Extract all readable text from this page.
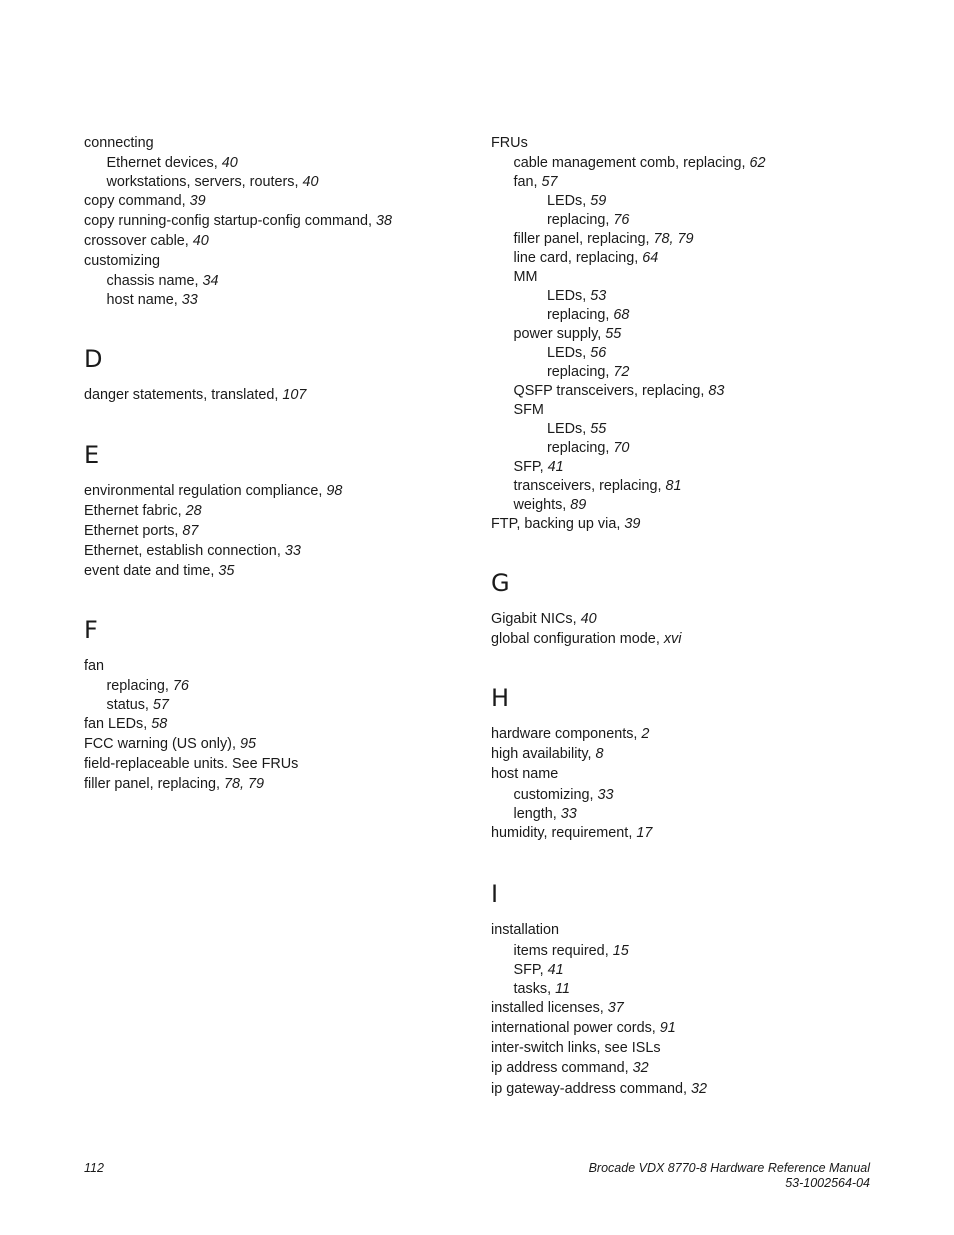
connecting
Ethernet devices, 40
workstations, servers, routers, 40
copy command, 39
copy running-config startup-config command, 38
crossover cable, 40
customizing
chassis name, 34
host name, 33
D
danger statements, translated, 107
E
environmental regulation compliance, 98
Ethernet fabric, 28
Ethernet ports, 87
Ethernet, establish connection, 33
event date and time, 35
F
fan
replacing, 76
status, 57
fan LEDs, 58
FCC warning (US only), 95
field-replaceable units. See FRUs
filler panel, replacing, 78, 79
FRUs
cable management comb, replacing, 62
fan, 57
LEDs, 59
replacing, 76
filler panel, replacing, 78, 79
line card, replacing, 64
MM
LEDs, 53
replacing, 68
power supply, 55
LEDs, 56
replacing, 72
QSFP transceivers, replacing, 83
SFM
LEDs, 55
replacing, 70
SFP, 41
transceivers, replacing, 81
weights, 89
FTP, backing up via, 39
G
Gigabit NICs, 40
global configuration mode, xvi
H
hardware components, 2
high availability, 8
host name
customizing, 33
length, 33
humidity, requirement, 17
I
installation
items required, 15
SFP, 41
tasks, 11
installed licenses, 37
international power cords, 91
inter-switch links, see ISLs
ip address command, 32
ip gateway-address command, 32
112	Brocade VDX 8770-8 Hardware Reference Manual
53-1002564-04
